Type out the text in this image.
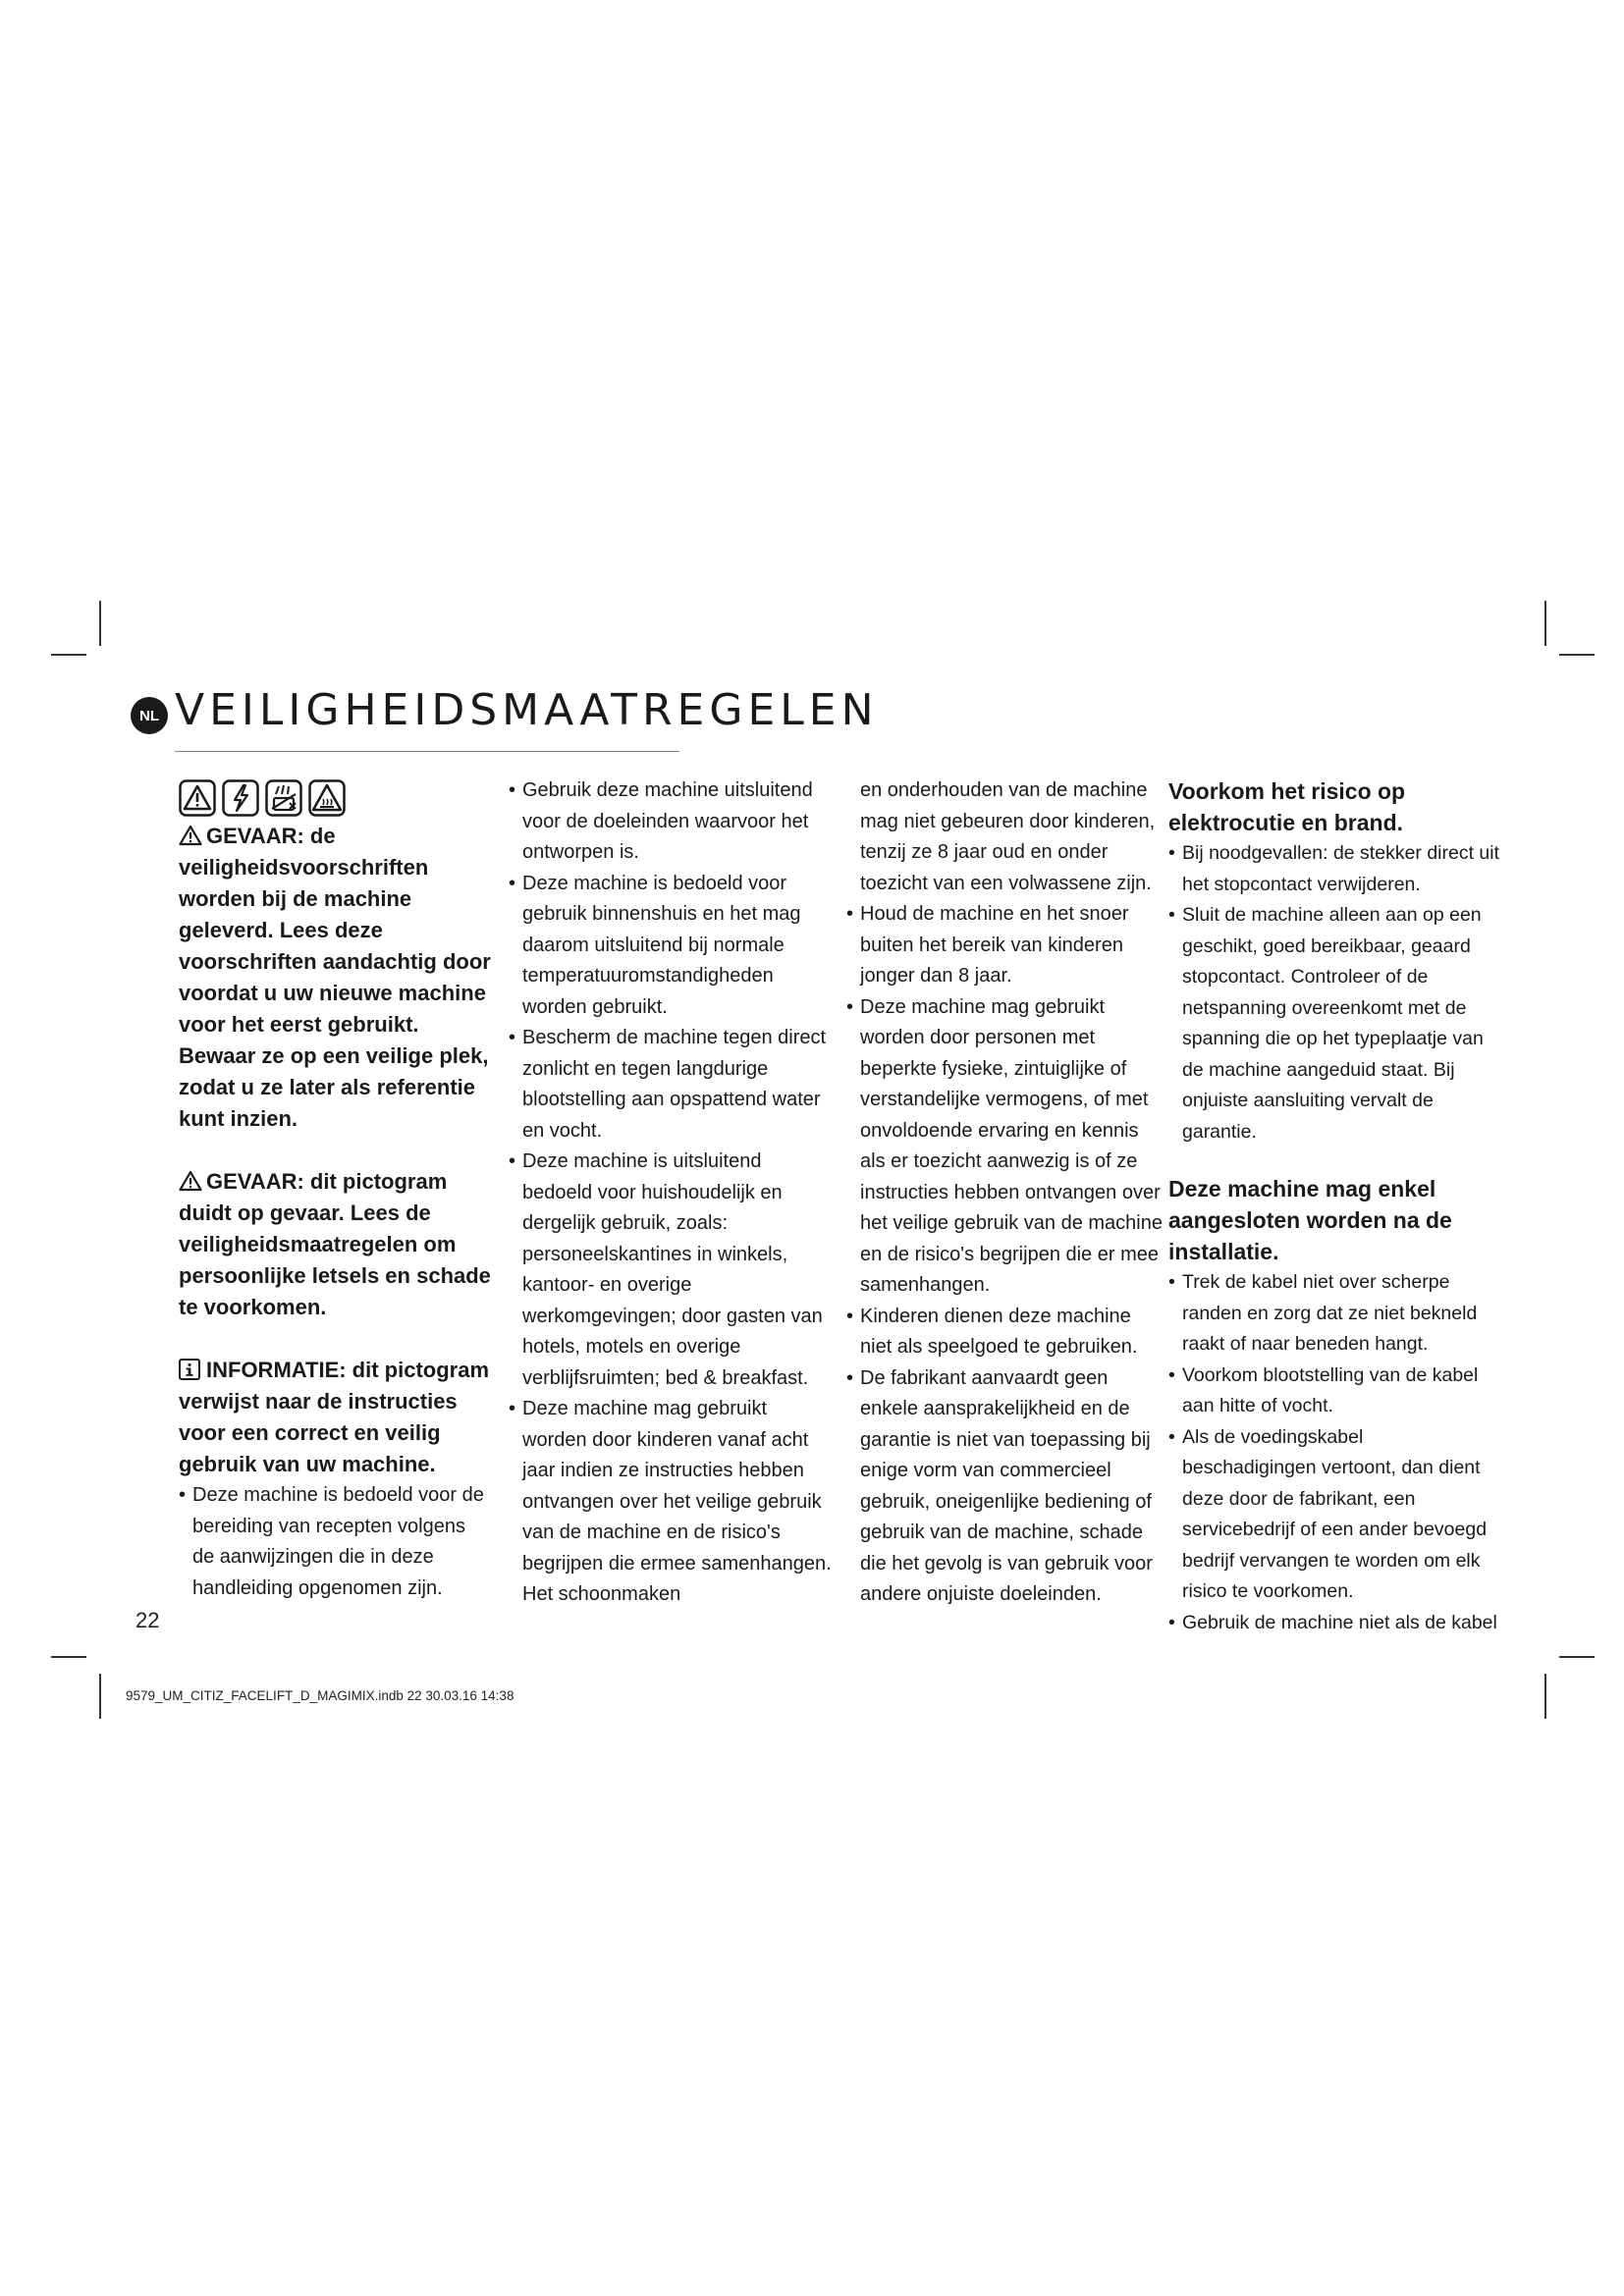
NL VEILIGHEIDSMAATREGELEN

GEVAAR: de veiligheidsvoorschriften worden bij de machine geleverd. Lees deze voorschriften aandachtig door voordat u uw nieuwe machine voor het eerst gebruikt. Bewaar ze op een veilige plek, zodat u ze later als referentie kunt inzien.

GEVAAR: dit pictogram duidt op gevaar. Lees de veiligheidsmaatregelen om persoonlijke letsels en schade te voorkomen.

INFORMATIE: dit pictogram verwijst naar de instructies voor een correct en veilig gebruik van uw machine.

• Deze machine is bedoeld voor de bereiding van recepten volgens de aanwijzingen die in deze handleiding opgenomen zijn.
• Gebruik deze machine uitsluitend voor de doeleinden waarvoor het ontworpen is.
• Deze machine is bedoeld voor gebruik binnenshuis en het mag daarom uitsluitend bij normale temperatuuromstandigheden worden gebruikt.
• Bescherm de machine tegen direct zonlicht en tegen langdurige blootstelling aan opspattend water en vocht.
• Deze machine is uitsluitend bedoeld voor huishoudelijk en dergelijk gebruik, zoals: personeelskantines in winkels, kantoor- en overige werkomgevingen; door gasten van hotels, motels en overige verblijfsruimten; bed & breakfast.
• Deze machine mag gebruikt worden door kinderen vanaf acht jaar indien ze instructies hebben ontvangen over het veilige gebruik van de machine en de risico's begrijpen die ermee samenhangen. Het schoonmaken

en onderhouden van de machine mag niet gebeuren door kinderen, tenzij ze 8 jaar oud en onder toezicht van een volwassene zijn.

• Houd de machine en het snoer buiten het bereik van kinderen jonger dan 8 jaar.
• Deze machine mag gebruikt worden door personen met beperkte fysieke, zintuiglijke of verstandelijke vermogens, of met onvoldoende ervaring en kennis als er toezicht aanwezig is of ze instructies hebben ontvangen over het veilige gebruik van de machine en de risico's begrijpen die er mee samenhangen.
• Kinderen dienen deze machine niet als speelgoed te gebruiken.
• De fabrikant aanvaardt geen enkele aansprakelijkheid en de garantie is niet van toepassing bij enige vorm van commercieel gebruik, oneigenlijke bediening of gebruik van de machine, schade die het gevolg is van gebruik voor andere onjuiste doeleinden.

Voorkom het risico op elektrocutie en brand.

• Bij noodgevallen: de stekker direct uit het stopcontact verwijderen.
• Sluit de machine alleen aan op een geschikt, goed bereikbaar, geaard stopcontact. Controleer of de netspanning overeenkomt met de spanning die op het typeplaatje van de machine aangeduid staat. Bij onjuiste aansluiting vervalt de garantie.

Deze machine mag enkel aangesloten worden na de installatie.

• Trek de kabel niet over scherpe randen en zorg dat ze niet bekneld raakt of naar beneden hangt.
• Voorkom blootstelling van de kabel aan hitte of vocht.
• Als de voedingskabel beschadigingen vertoont, dan dient deze door de fabrikant, een servicebedrijf of een ander bevoegd bedrijf vervangen te worden om elk risico te voorkomen.
• Gebruik de machine niet als de kabel
22
9579_UM_CITIZ_FACELIFT_D_MAGIMIX.indb 22 30.03.16 14:38
